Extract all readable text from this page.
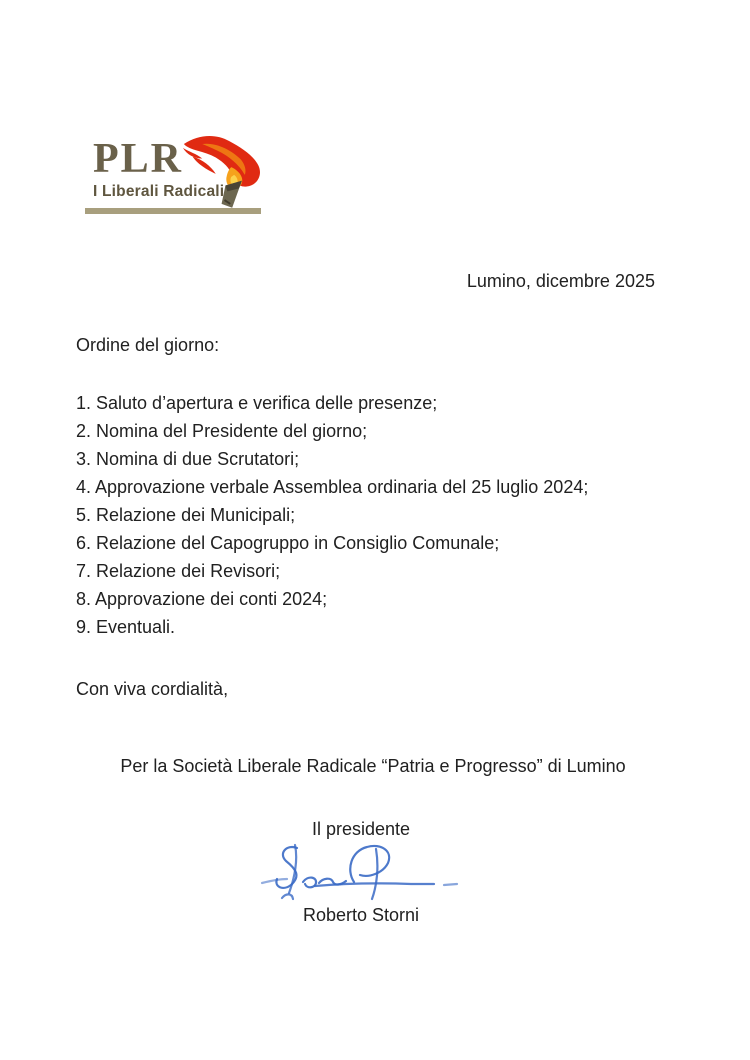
PLR
I Liberali Radicali
Lumino, dicembre 2025
Ordine del giorno:
1. Saluto d’apertura e verifica delle presenze;
2. Nomina del Presidente del giorno;
3. Nomina di due Scrutatori;
4. Approvazione verbale Assemblea ordinaria del 25 luglio 2024;
5. Relazione dei Municipali;
6. Relazione del Capogruppo in Consiglio Comunale;
7. Relazione dei Revisori;
8. Approvazione dei conti 2024;
9. Eventuali.
Con viva cordialità,
Per la Società Liberale Radicale “Patria e Progresso” di Lumino
Il presidente
Roberto Storni
